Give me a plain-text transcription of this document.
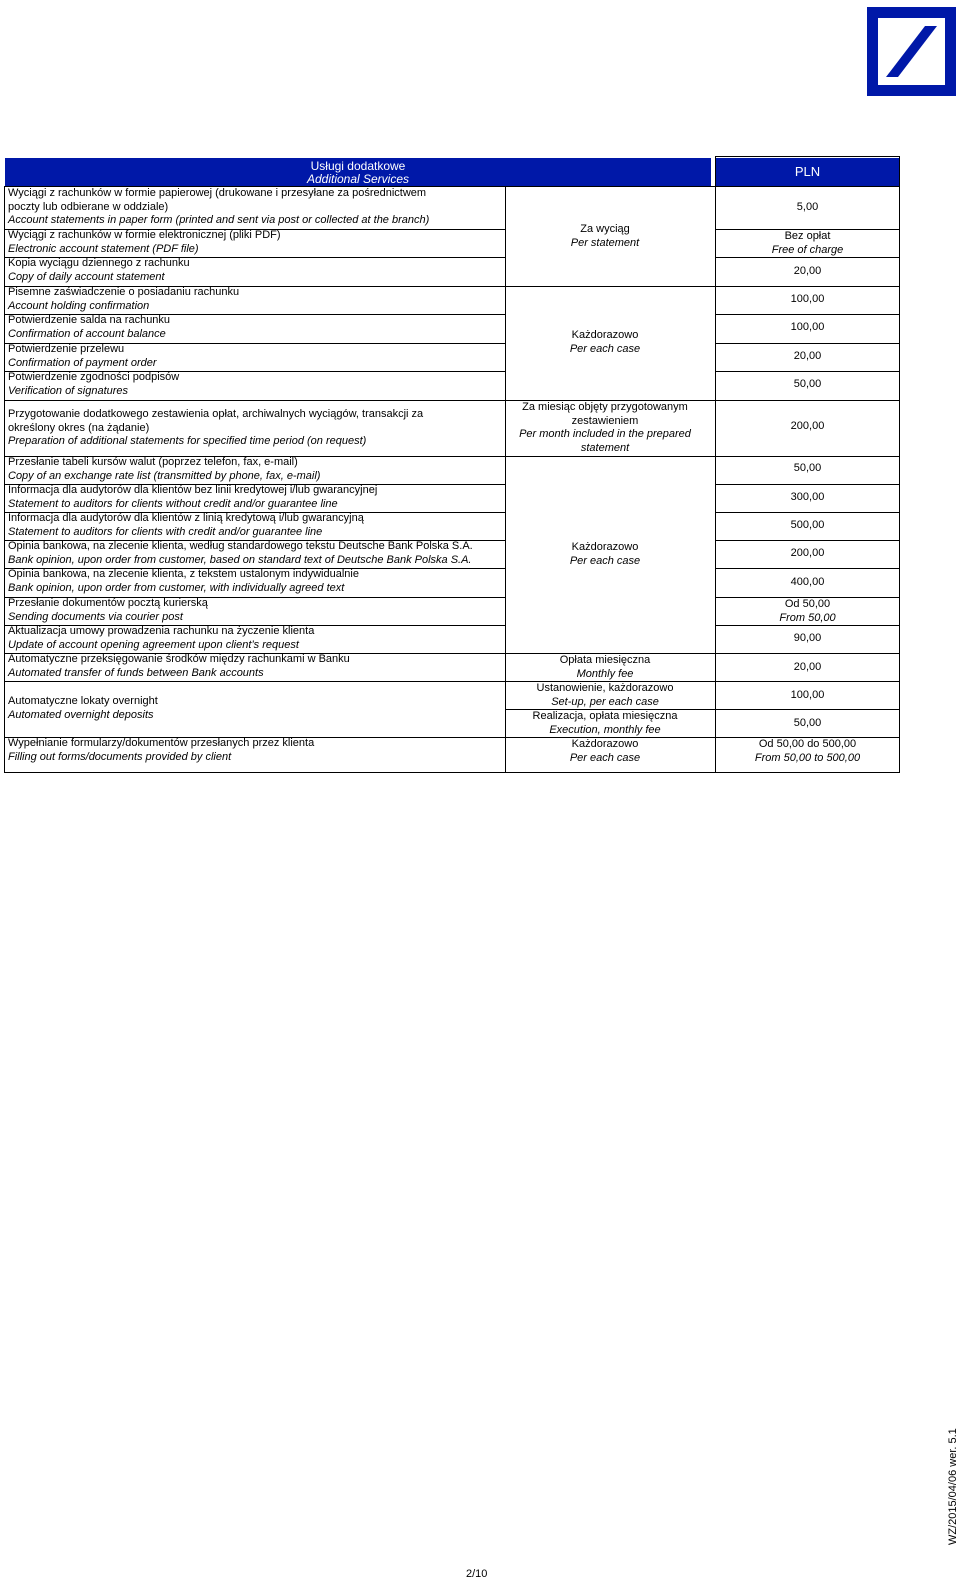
Usługi dodatkowe
Additional Services	PLN
Wyciągi z rachunków w formie papierowej (drukowane i przesyłane za pośrednictwem
poczty lub odbierane w oddziale)
Account statements in paper form (printed and sent via post or collected at the branch)
Wyciągi z rachunków w formie elektronicznej (pliki PDF)
Electronic account statement (PDF file)
Kopia wyciągu dziennego z rachunku
Copy of daily account statement
Pisemne zaświadczenie o posiadaniu rachunku
Account holding confirmation
Potwierdzenie salda na rachunku
Confirmation of account balance
Potwierdzenie przelewu
Confirmation of payment order
Potwierdzenie zgodności podpisów
Verification of signatures
Przygotowanie dodatkowego zestawienia opłat, archiwalnych wyciągów, transakcji za
określony okres (na żądanie)
Preparation of additional statements for specified time period (on request)
Przesłanie tabeli kursów walut (poprzez telefon, fax, e-mail)
Copy of an exchange rate list (transmitted by phone, fax, e-mail)
Informacja dla audytorów dla klientów bez linii kredytowej i/lub gwarancyjnej
Statement to auditors for clients without credit and/or guarantee line
Informacja dla audytorów dla klientów z linią kredytową i/lub gwarancyjną
Statement to auditors for clients with credit and/or guarantee line
Opinia bankowa, na zlecenie klienta, według standardowego tekstu Deutsche Bank Polska S.A.
Bank opinion, upon order from customer, based on standard text of Deutsche Bank Polska S.A.
Opinia bankowa, na zlecenie klienta, z tekstem ustalonym indywidualnie
Bank opinion, upon order from customer, with individually agreed text
Przesłanie dokumentów pocztą kurierską
Sending documents via courier post
Aktualizacja umowy prowadzenia rachunku na życzenie klienta
Update of account opening agreement upon client’s request
Automatyczne przeksięgowanie środków między rachunkami w Banku
Automated transfer of funds between Bank accounts
Automatyczne lokaty overnight
Automated overnight deposits
Wypełnianie formularzy/dokumentów przesłanych przez klienta
Filling out forms/documents provided by client
Za wyciąg
Per statement
Każdorazowo
Per each case
Za miesiąc objęty przygotowanym
zestawieniem
Per month included in the prepared
statement
Każdorazowo
Per each case
Opłata miesięczna
Monthly fee
Ustanowienie, każdorazowo
Set-up, per each case
Realizacja, opłata miesięczna
Execution, monthly fee
Każdorazowo
Per each case
5,00
Bez opłat
Free of charge
20,00
100,00
100,00
20,00
50,00
200,00
50,00
300,00
500,00
200,00
400,00
Od 50,00
From 50,00
90,00
20,00
100,00
50,00
Od 50,00 do 500,00
From 50,00 to 500,00
2/10
WZ/2015/04/06 wer. 5.1
